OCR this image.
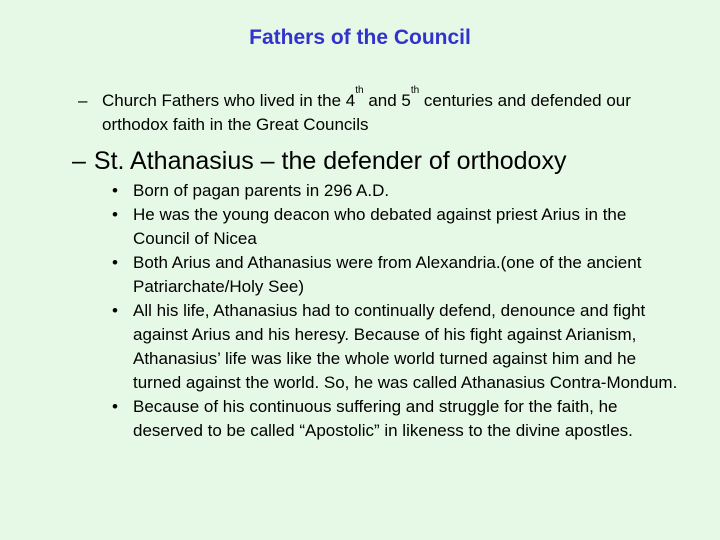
Fathers of the Council
– Church Fathers who lived in the 4th and 5th centuries and defended our orthodox faith in the Great Councils
– St. Athanasius – the defender of orthodoxy
• Born of pagan parents in 296 A.D.
• He was the young deacon who debated against priest Arius in the Council of Nicea
• Both Arius and Athanasius were from Alexandria.(one of the ancient Patriarchate/Holy See)
• All his life, Athanasius had to continually defend, denounce and fight against Arius and his heresy. Because of his fight against Arianism, Athanasius’ life was like the whole world turned against him and he turned against the world. So, he was called Athanasius Contra-Mondum.
• Because of his continuous suffering and struggle for the faith, he deserved to be called “Apostolic” in likeness to the divine apostles.
